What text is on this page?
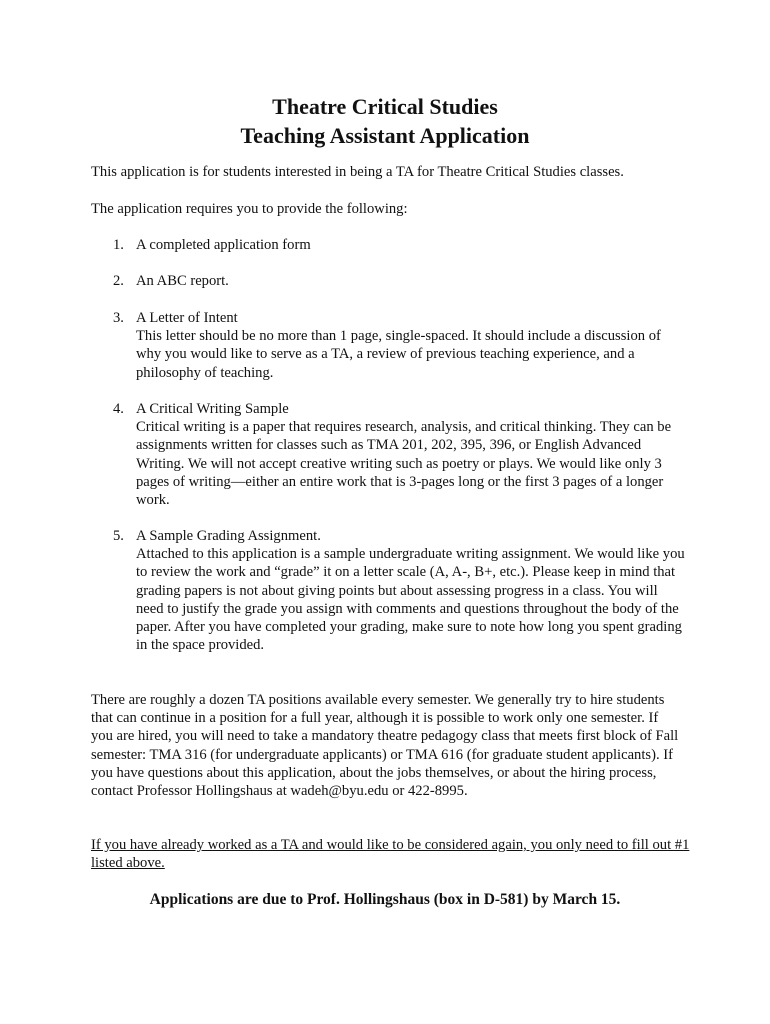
Theatre Critical Studies
Teaching Assistant Application

This application is for students interested in being a TA for Theatre Critical Studies classes.

The application requires you to provide the following:

1. A completed application form
2. An ABC report.
3. A Letter of Intent
This letter should be no more than 1 page, single-spaced. It should include a discussion of why you would like to serve as a TA, a review of previous teaching experience, and a philosophy of teaching.
4. A Critical Writing Sample
Critical writing is a paper that requires research, analysis, and critical thinking. They can be assignments written for classes such as TMA 201, 202, 395, 396, or English Advanced Writing. We will not accept creative writing such as poetry or plays. We would like only 3 pages of writing—either an entire work that is 3-pages long or the first 3 pages of a longer work.
5. A Sample Grading Assignment.
Attached to this application is a sample undergraduate writing assignment. We would like you to review the work and “grade” it on a letter scale (A, A-, B+, etc.). Please keep in mind that grading papers is not about giving points but about assessing progress in a class. You will need to justify the grade you assign with comments and questions throughout the body of the paper. After you have completed your grading, make sure to note how long you spent grading in the space provided.

There are roughly a dozen TA positions available every semester. We generally try to hire students that can continue in a position for a full year, although it is possible to work only one semester. If you are hired, you will need to take a mandatory theatre pedagogy class that meets first block of Fall semester: TMA 316 (for undergraduate applicants) or TMA 616 (for graduate student applicants). If you have questions about this application, about the jobs themselves, or about the hiring process, contact Professor Hollingshaus at wadeh@byu.edu or 422-8995.

If you have already worked as a TA and would like to be considered again, you only need to fill out #1 listed above.

Applications are due to Prof. Hollingshaus (box in D-581) by March 15.
